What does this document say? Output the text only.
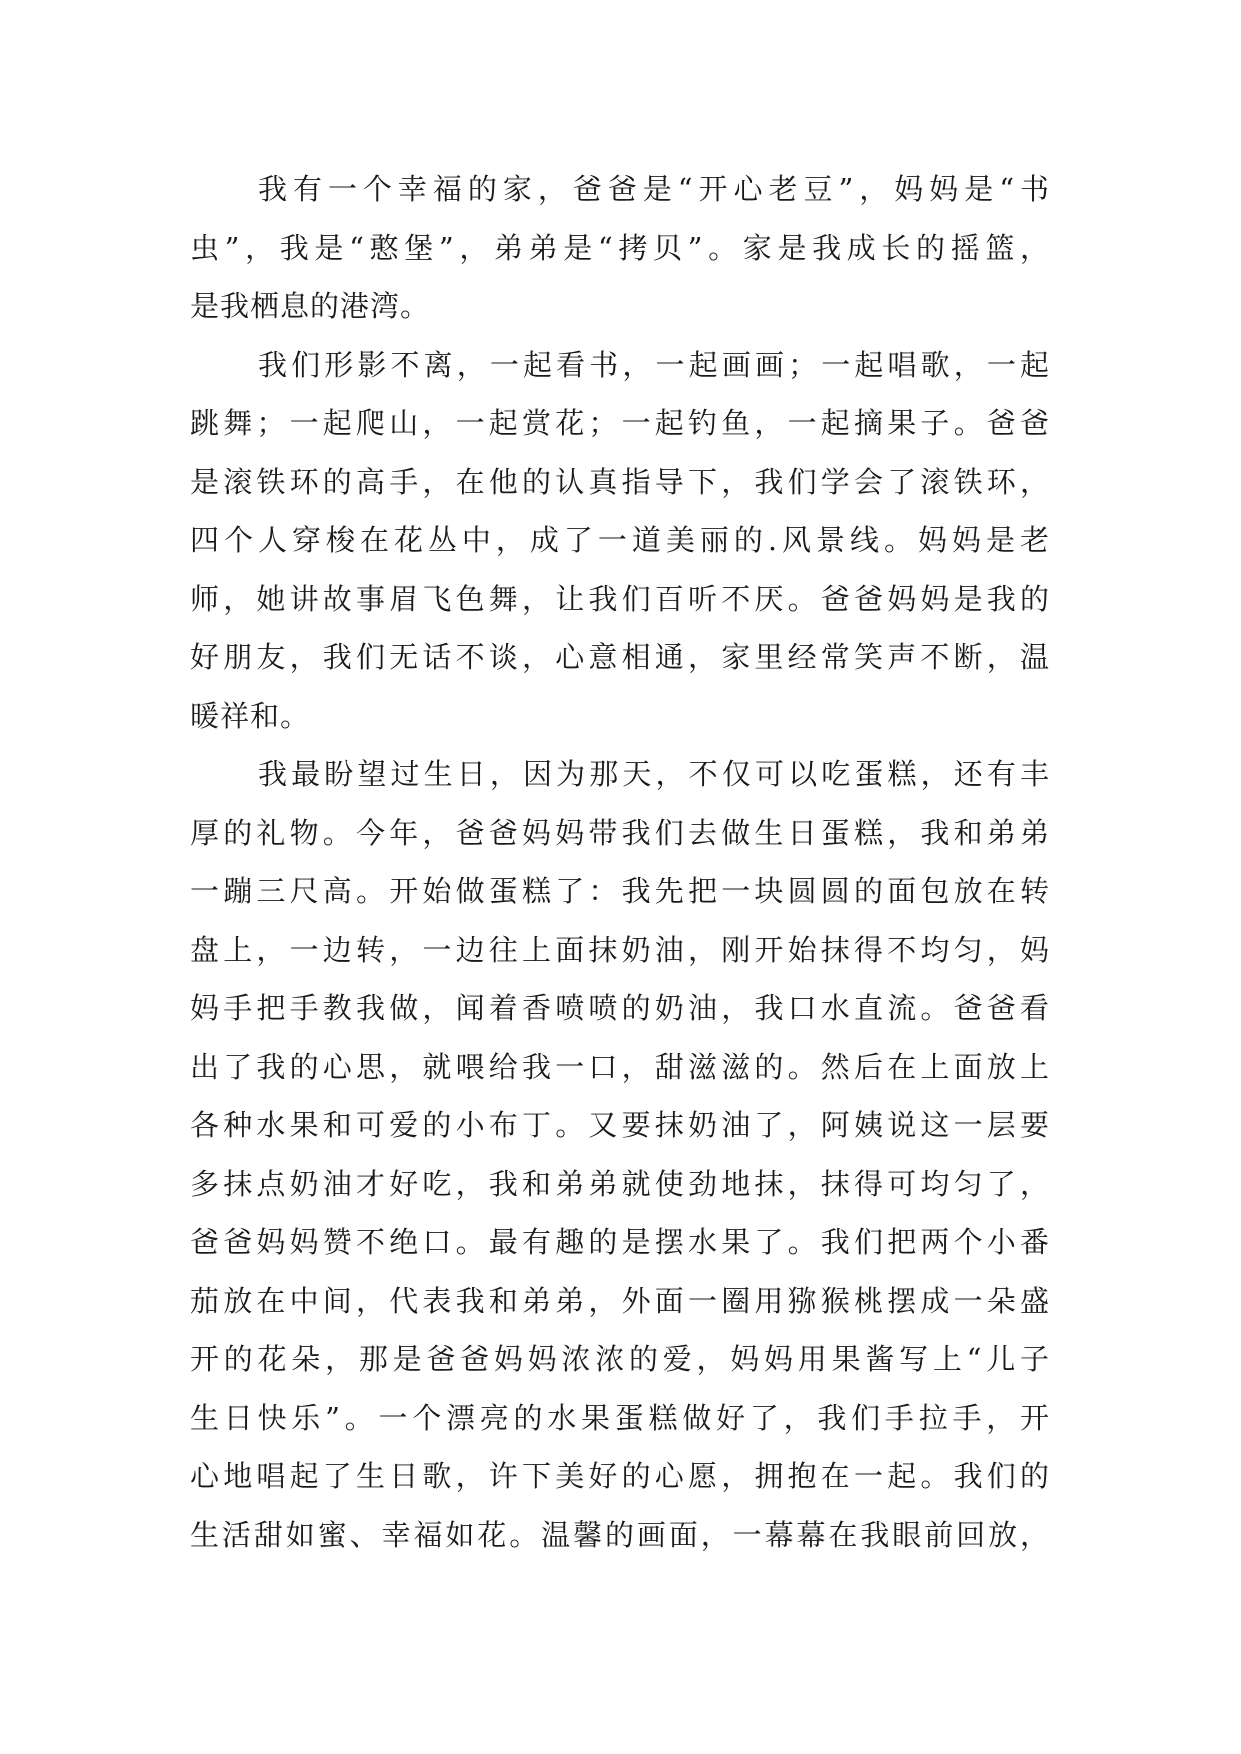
我有一个幸福的家，爸爸是“开心老豆”，妈妈是“书
虫”，我是“憨堡”，弟弟是“拷贝”。家是我成长的摇篮，
是我栖息的港湾。
我们形影不离，一起看书，一起画画；一起唱歌，一起
跳舞；一起爬山，一起赏花；一起钓鱼，一起摘果子。爸爸
是滚铁环的高手，在他的认真指导下，我们学会了滚铁环，
四个人穿梭在花丛中，成了一道美丽的.风景线。妈妈是老
师，她讲故事眉飞色舞，让我们百听不厌。爸爸妈妈是我的
好朋友，我们无话不谈，心意相通，家里经常笑声不断，温
暖祥和。
我最盼望过生日，因为那天，不仅可以吃蛋糕，还有丰
厚的礼物。今年，爸爸妈妈带我们去做生日蛋糕，我和弟弟
一蹦三尺高。开始做蛋糕了：我先把一块圆圆的面包放在转
盘上，一边转，一边往上面抹奶油，刚开始抹得不均匀，妈
妈手把手教我做，闻着香喷喷的奶油，我口水直流。爸爸看
出了我的心思，就喂给我一口，甜滋滋的。然后在上面放上
各种水果和可爱的小布丁。又要抹奶油了，阿姨说这一层要
多抹点奶油才好吃，我和弟弟就使劲地抹，抹得可均匀了，
爸爸妈妈赞不绝口。最有趣的是摆水果了。我们把两个小番
茄放在中间，代表我和弟弟，外面一圈用猕猴桃摆成一朵盛
开的花朵，那是爸爸妈妈浓浓的爱，妈妈用果酱写上“儿子
生日快乐”。一个漂亮的水果蛋糕做好了，我们手拉手，开
心地唱起了生日歌，许下美好的心愿，拥抱在一起。我们的
生活甜如蜜、幸福如花。温馨的画面，一幕幕在我眼前回放，
